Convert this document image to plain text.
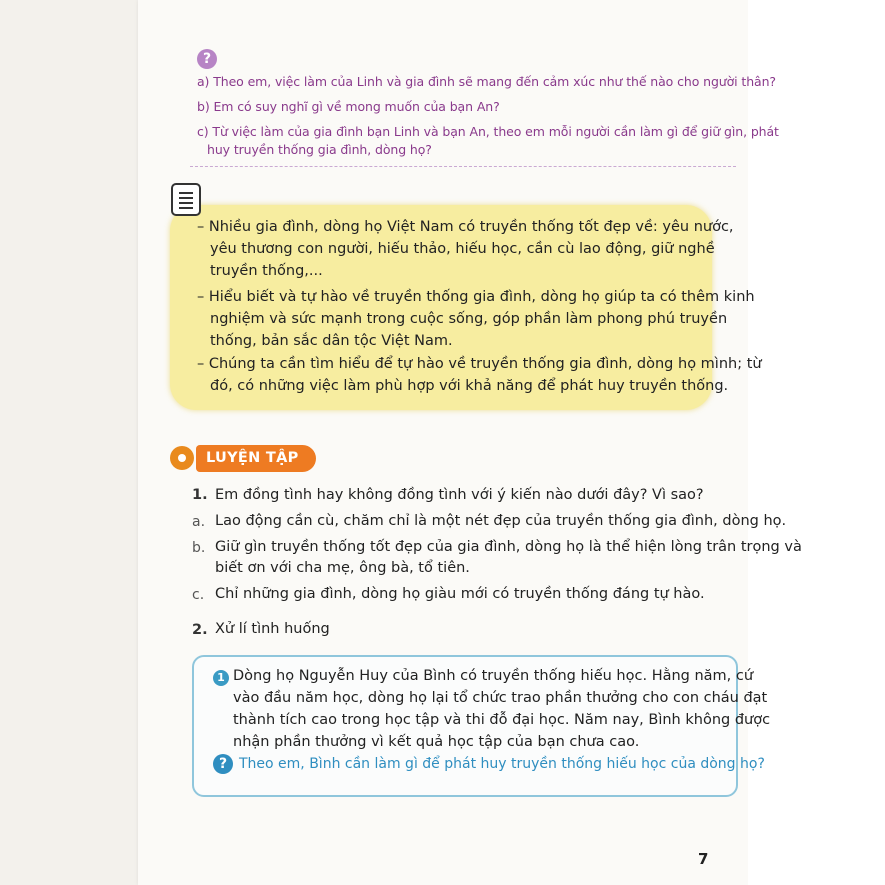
?
a) Theo em, việc làm của Linh và gia đình sẽ mang đến cảm xúc như thế nào cho người thân?
b) Em có suy nghĩ gì về mong muốn của bạn An?
c) Từ việc làm của gia đình bạn Linh và bạn An, theo em mỗi người cần làm gì để giữ gìn, phát
huy truyền thống gia đình, dòng họ?
– Nhiều gia đình, dòng họ Việt Nam có truyền thống tốt đẹp về: yêu nước,
yêu thương con người, hiếu thảo, hiếu học, cần cù lao động, giữ nghề
truyền thống,...
– Hiểu biết và tự hào về truyền thống gia đình, dòng họ giúp ta có thêm kinh
nghiệm và sức mạnh trong cuộc sống, góp phần làm phong phú truyền
thống, bản sắc dân tộc Việt Nam.
– Chúng ta cần tìm hiểu để tự hào về truyền thống gia đình, dòng họ mình; từ
đó, có những việc làm phù hợp với khả năng để phát huy truyền thống.
LUYỆN TẬP
1. Em đồng tình hay không đồng tình với ý kiến nào dưới đây? Vì sao?
a. Lao động cần cù, chăm chỉ là một nét đẹp của truyền thống gia đình, dòng họ.
b. Giữ gìn truyền thống tốt đẹp của gia đình, dòng họ là thể hiện lòng trân trọng và
biết ơn với cha mẹ, ông bà, tổ tiên.
c. Chỉ những gia đình, dòng họ giàu mới có truyền thống đáng tự hào.
2. Xử lí tình huống
1 Dòng họ Nguyễn Huy của Bình có truyền thống hiếu học. Hằng năm, cứ
vào đầu năm học, dòng họ lại tổ chức trao phần thưởng cho con cháu đạt
thành tích cao trong học tập và thi đỗ đại học. Năm nay, Bình không được
nhận phần thưởng vì kết quả học tập của bạn chưa cao.
? Theo em, Bình cần làm gì để phát huy truyền thống hiếu học của dòng họ?
7
